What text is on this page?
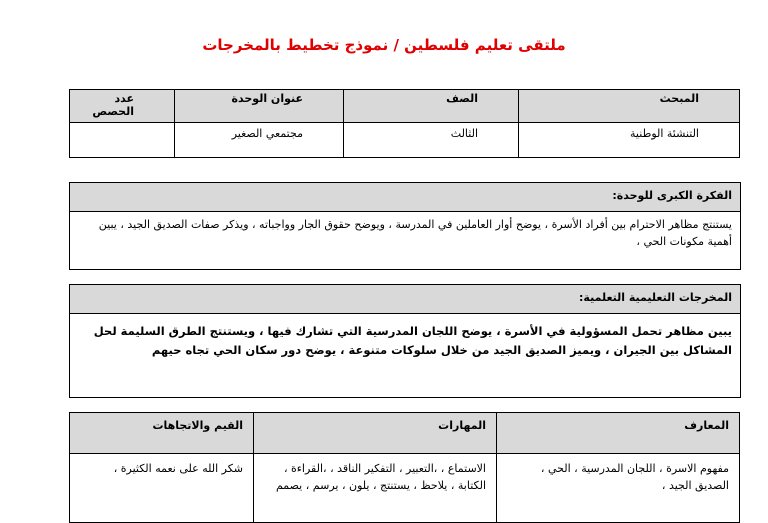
ملتقى تعليم فلسطين / نموذج تخطيط بالمخرجات
المبحث	الصف	عنوان الوحدة	عدد الحصص
التنشئة الوطنية	الثالث	مجتمعي الصغير	
الفكرة الكبرى للوحدة:
يستنتج مظاهر الاحترام بين أفراد الأسرة ، يوضح أوار العاملين في المدرسة ، ويوضح حقوق الجار وواجباته ، ويذكر صفات الصديق الجيد ، يبين أهمية مكونات الحي ،
المخرجات التعليمية التعلمية:
يبين مظاهر تحمل المسؤولية في الأسرة ، يوضح اللجان المدرسية التي تشارك فيها ، ويستنتج الطرق السليمة لحل المشاكل بين الجيران ، ويميز الصديق الجيد من خلال سلوكات متنوعة ، يوضح دور سكان الحي تجاه حيهم
المعارف	المهارات	القيم والاتجاهات
مفهوم الاسرة ، اللجان المدرسية ، الحي ، الصديق الجيد ،	الاستماع ، ،التعبير ، التفكير الناقد ، ،القراءة ، الكتابة ، يلاحظ ، يستنتج ، يلون ، يرسم ، يصمم	شكر الله على نعمه الكثيرة ،
